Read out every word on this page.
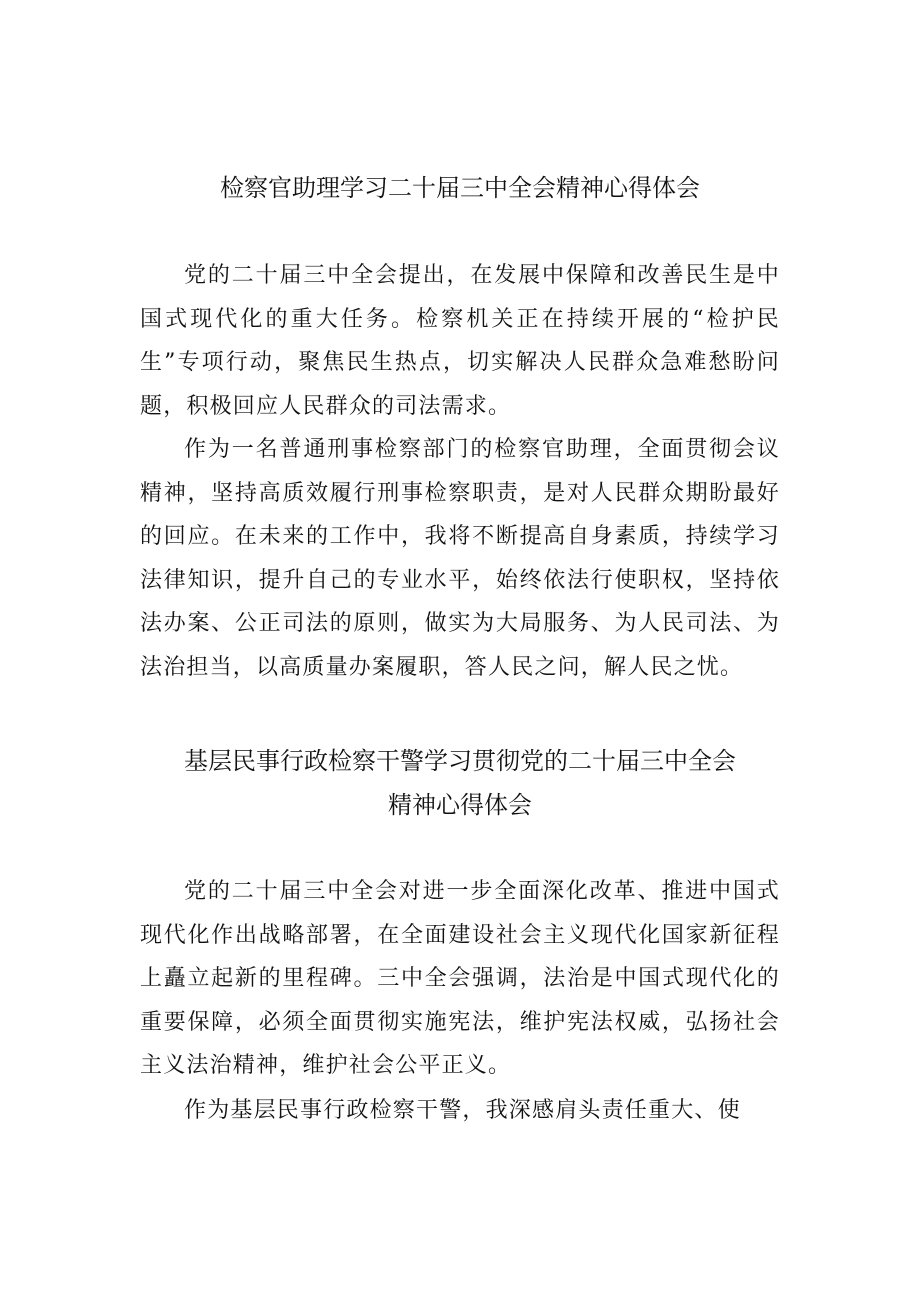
检察官助理学习二十届三中全会精神心得体会

党的二十届三中全会提出，在发展中保障和改善民生是中国式现代化的重大任务。检察机关正在持续开展的“检护民生”专项行动，聚焦民生热点，切实解决人民群众急难愁盼问题，积极回应人民群众的司法需求。

作为一名普通刑事检察部门的检察官助理，全面贯彻会议精神，坚持高质效履行刑事检察职责，是对人民群众期盼最好的回应。在未来的工作中，我将不断提高自身素质，持续学习法律知识，提升自己的专业水平，始终依法行使职权，坚持依法办案、公正司法的原则，做实为大局服务、为人民司法、为法治担当，以高质量办案履职，答人民之问，解人民之忧。

基层民事行政检察干警学习贯彻党的二十届三中全会
精神心得体会

党的二十届三中全会对进一步全面深化改革、推进中国式现代化作出战略部署，在全面建设社会主义现代化国家新征程上矗立起新的里程碑。三中全会强调，法治是中国式现代化的重要保障，必须全面贯彻实施宪法，维护宪法权威，弘扬社会主义法治精神，维护社会公平正义。

作为基层民事行政检察干警，我深感肩头责任重大、使
